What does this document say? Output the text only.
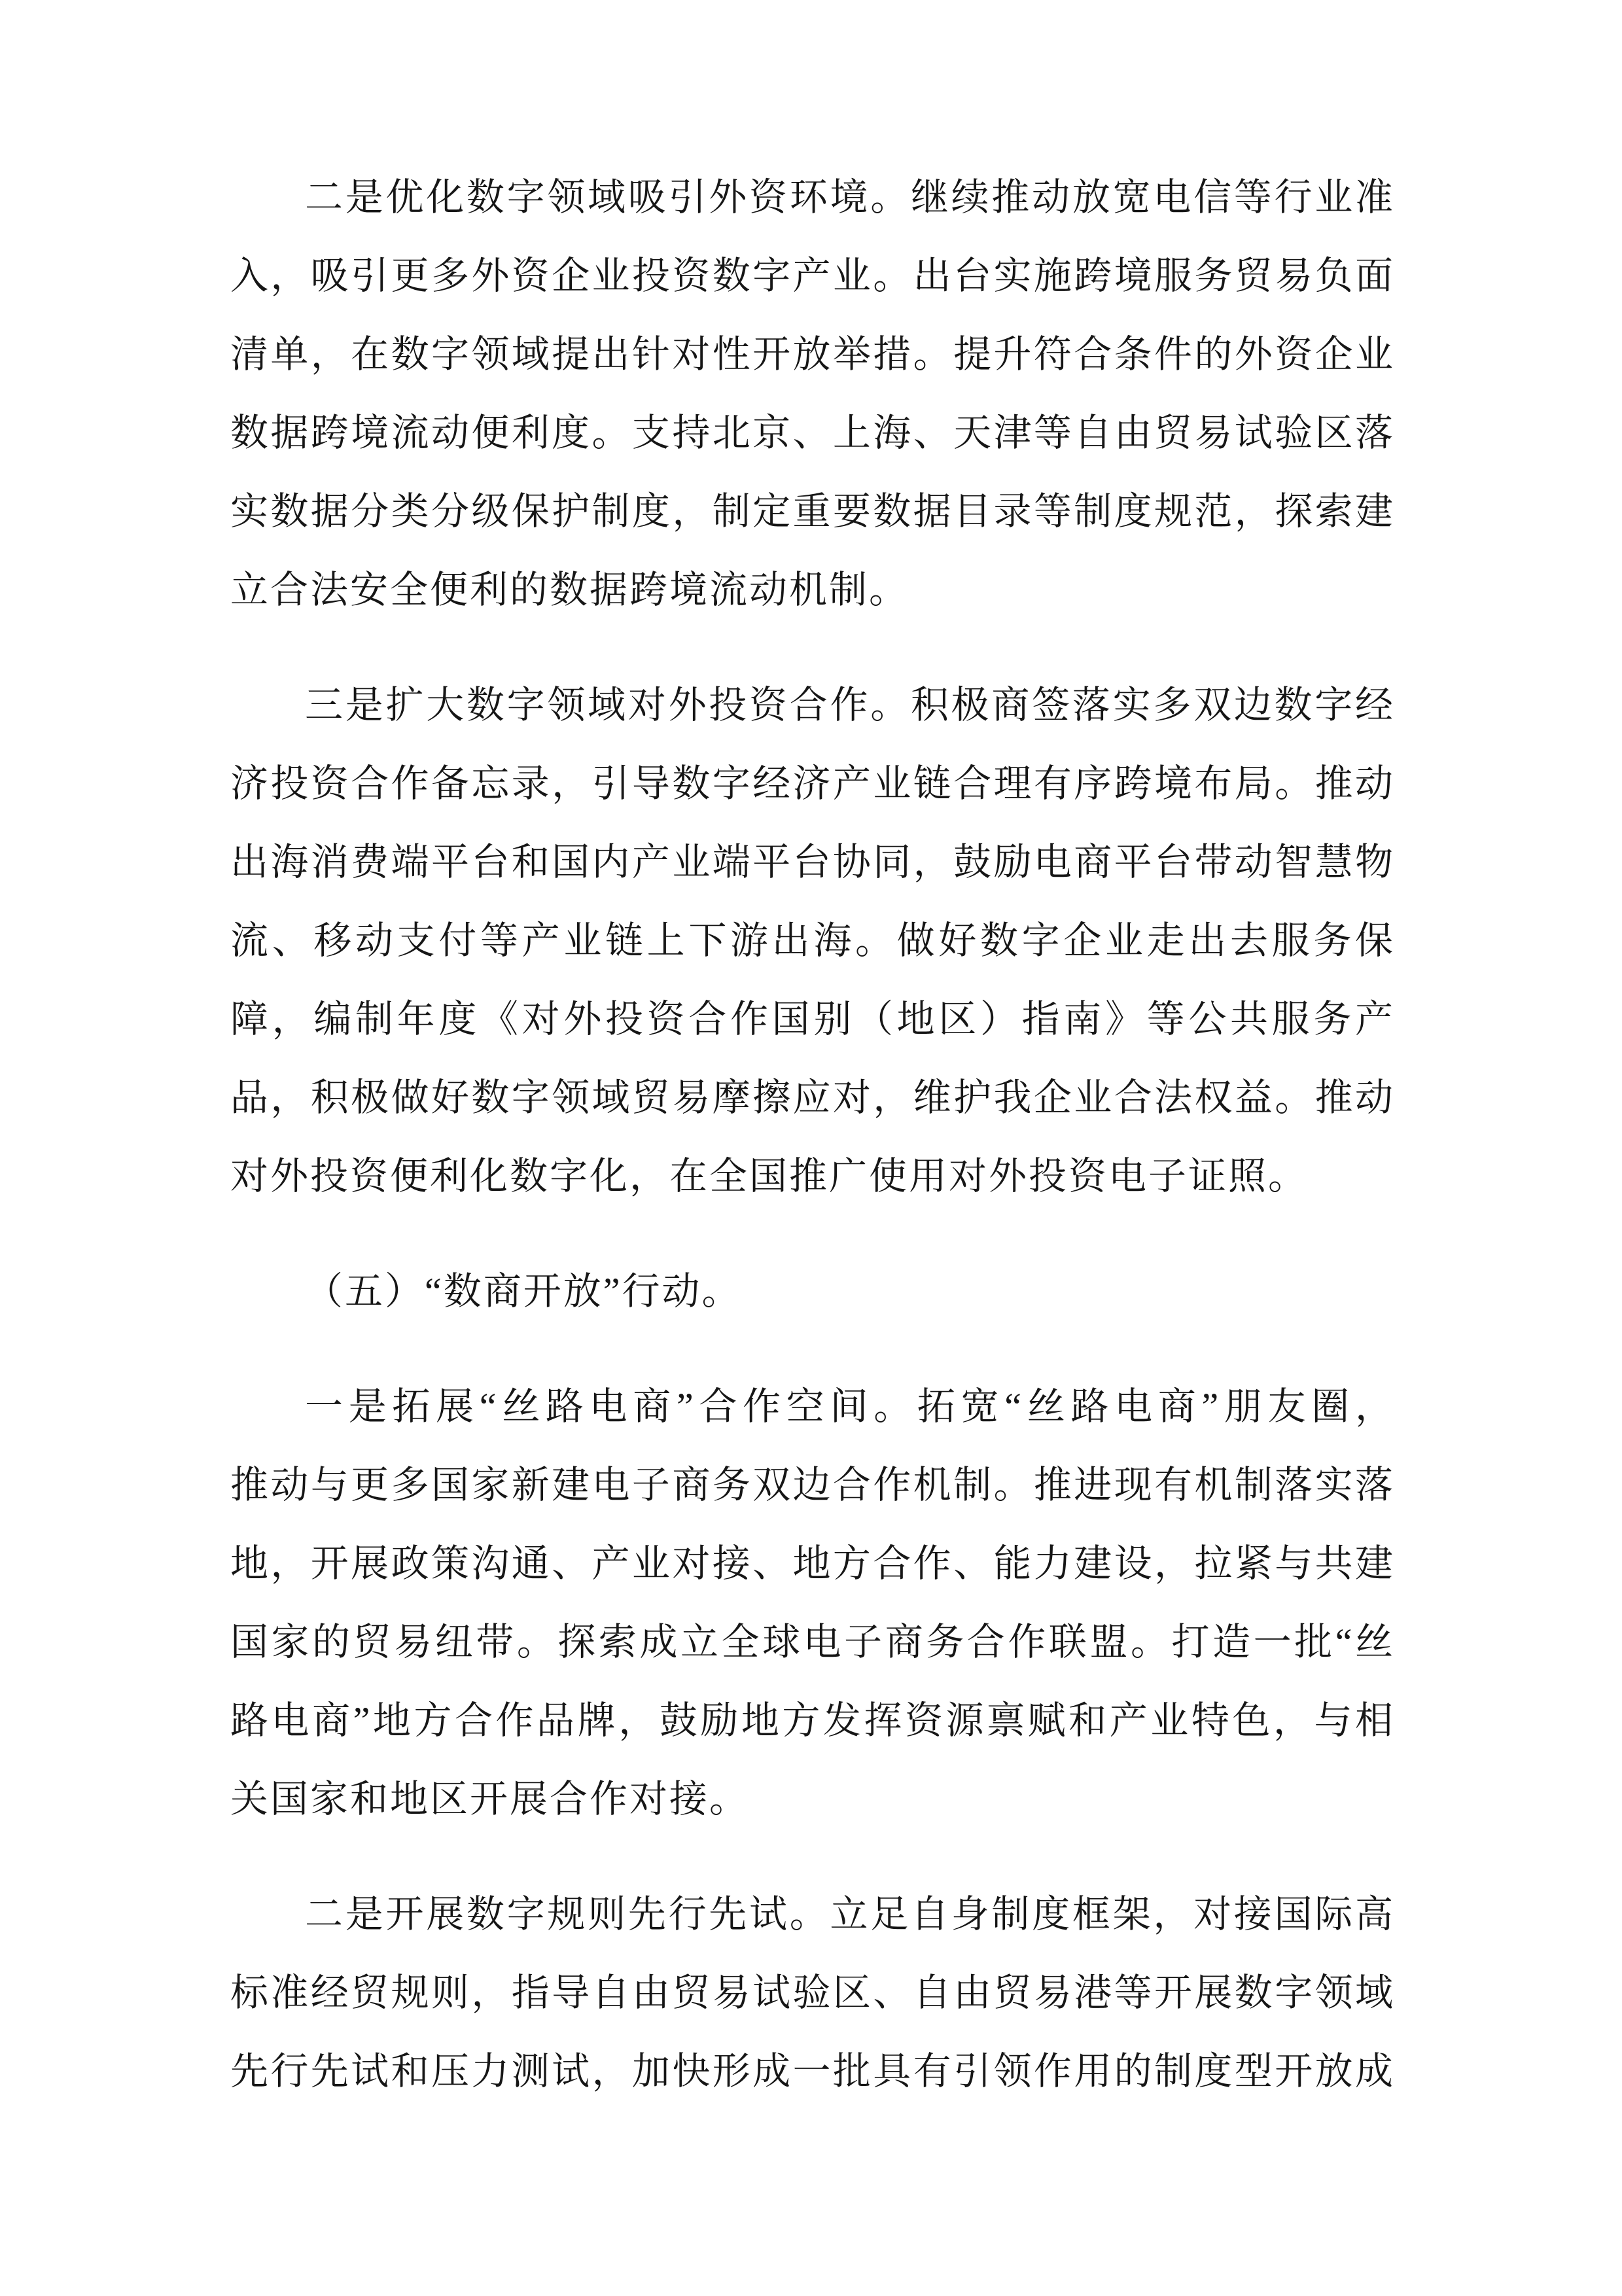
二是优化数字领域吸引外资环境。继续推动放宽电信等行业准
入，吸引更多外资企业投资数字产业。出台实施跨境服务贸易负面
清单，在数字领域提出针对性开放举措。提升符合条件的外资企业
数据跨境流动便利度。支持北京、上海、天津等自由贸易试验区落
实数据分类分级保护制度，制定重要数据目录等制度规范，探索建
立合法安全便利的数据跨境流动机制。
三是扩大数字领域对外投资合作。积极商签落实多双边数字经
济投资合作备忘录，引导数字经济产业链合理有序跨境布局。推动
出海消费端平台和国内产业端平台协同，鼓励电商平台带动智慧物
流、移动支付等产业链上下游出海。做好数字企业走出去服务保
障，编制年度《对外投资合作国别（地区）指南》等公共服务产
品，积极做好数字领域贸易摩擦应对，维护我企业合法权益。推动
对外投资便利化数字化，在全国推广使用对外投资电子证照。
（五）“数商开放”行动。
一是拓展“丝路电商”合作空间。拓宽“丝路电商”朋友圈，
推动与更多国家新建电子商务双边合作机制。推进现有机制落实落
地，开展政策沟通、产业对接、地方合作、能力建设，拉紧与共建
国家的贸易纽带。探索成立全球电子商务合作联盟。打造一批“丝
路电商”地方合作品牌，鼓励地方发挥资源禀赋和产业特色，与相
关国家和地区开展合作对接。
二是开展数字规则先行先试。立足自身制度框架，对接国际高
标准经贸规则，指导自由贸易试验区、自由贸易港等开展数字领域
先行先试和压力测试，加快形成一批具有引领作用的制度型开放成
